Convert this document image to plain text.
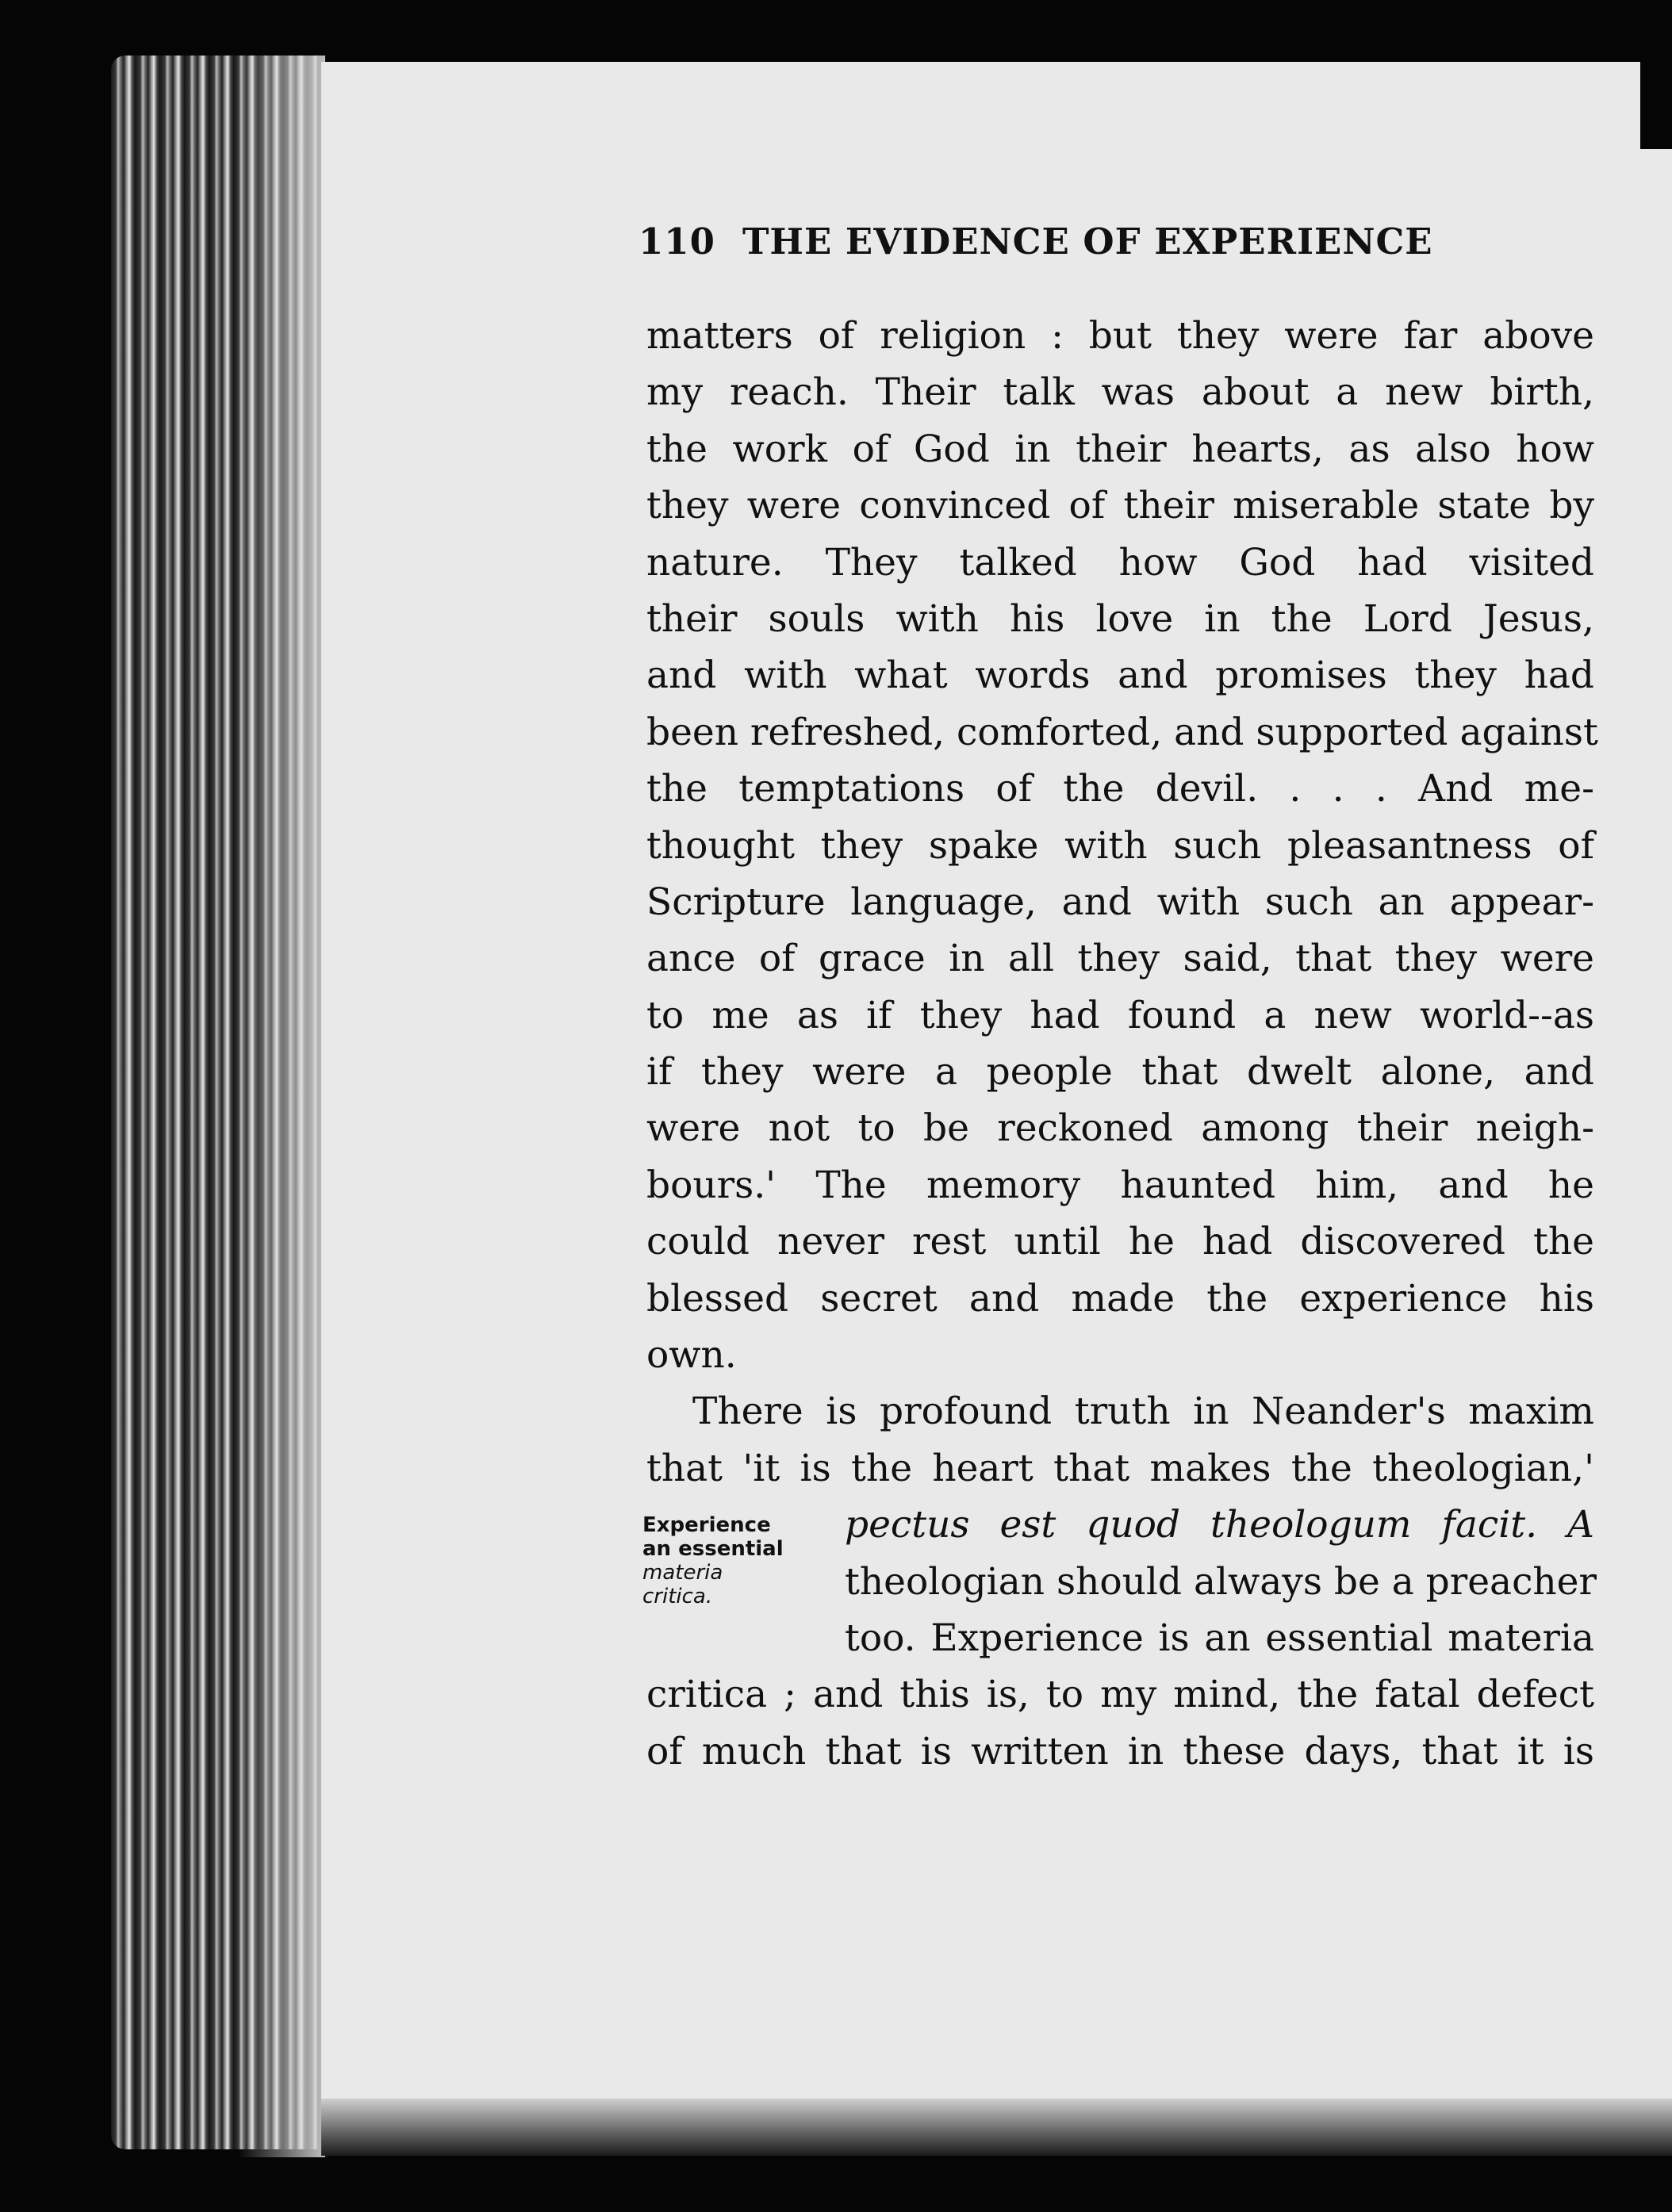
110 THE EVIDENCE OF EXPERIENCE
matters of religion : but they were far above
my reach. Their talk was about a new birth,
the work of God in their hearts, as also how
they were convinced of their miserable state by
nature. They talked how God had visited
their souls with his love in the Lord Jesus,
and with what words and promises they had
been refreshed, comforted, and supported against
the temptations of the devil. . . . And me-
thought they spake with such pleasantness of
Scripture language, and with such an appear-
ance of grace in all they said, that they were
to me as if they had found a new world--as
if they were a people that dwelt alone, and
were not to be reckoned among their neigh-
bours.' The memory haunted him, and he
could never rest until he had discovered the
blessed secret and made the experience his
own.
There is profound truth in Neander's maxim
that 'it is the heart that makes the theologian,'
pectus est quod theologum facit. A
theologian should always be a preacher
too. Experience is an essential materia
critica ; and this is, to my mind, the fatal defect
of much that is written in these days, that it is
Experience
an essential
materia
critica.
